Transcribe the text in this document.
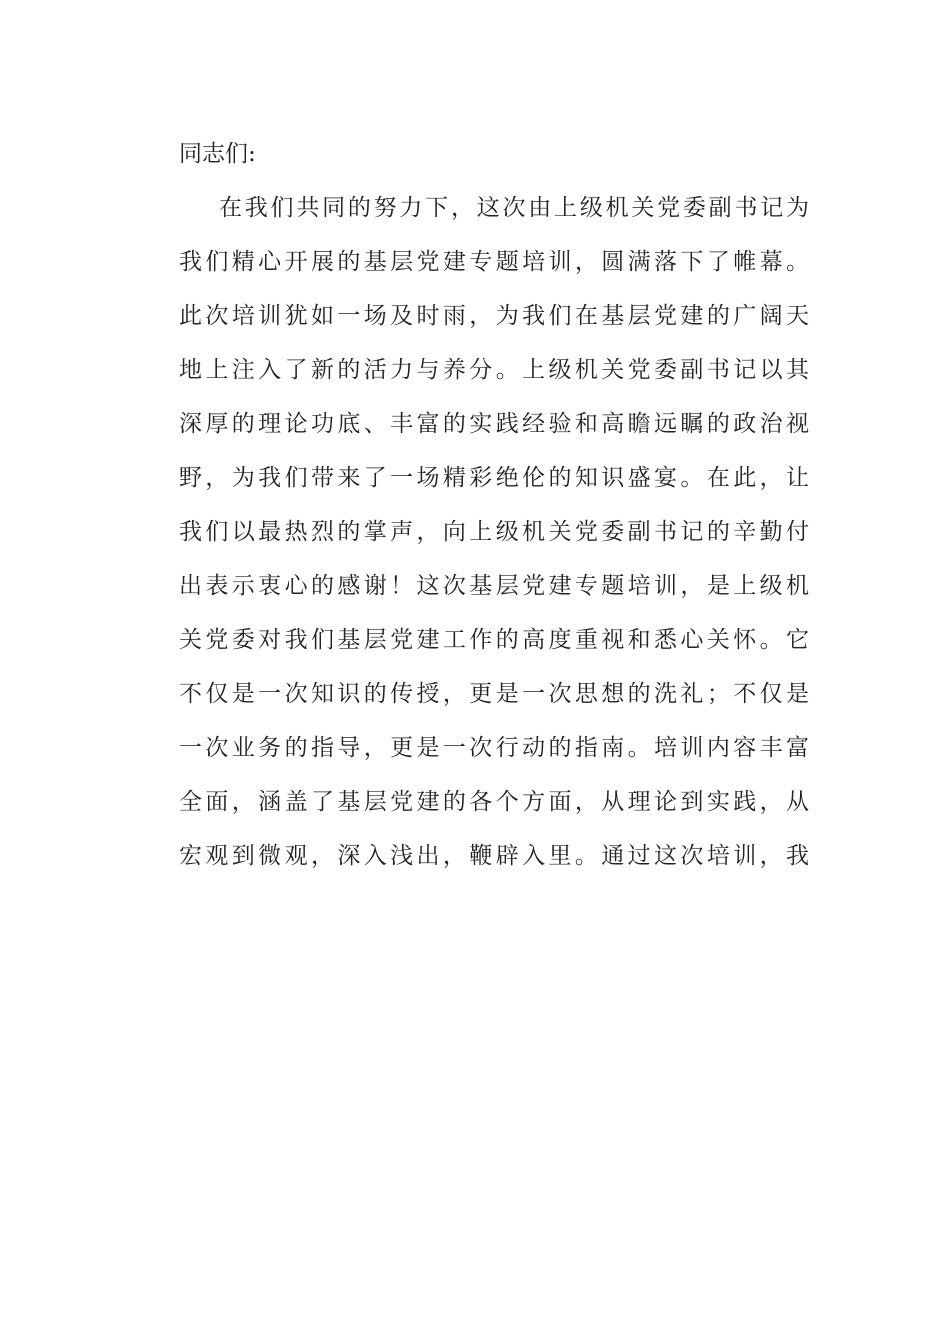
同志们:
在我们共同的努力下，这次由上级机关党委副书记为
我们精心开展的基层党建专题培训，圆满落下了帷幕。
此次培训犹如一场及时雨，为我们在基层党建的广阔天
地上注入了新的活力与养分。上级机关党委副书记以其
深厚的理论功底、丰富的实践经验和高瞻远瞩的政治视
野，为我们带来了一场精彩绝伦的知识盛宴。在此，让
我们以最热烈的掌声，向上级机关党委副书记的辛勤付
出表示衷心的感谢！这次基层党建专题培训，是上级机
关党委对我们基层党建工作的高度重视和悉心关怀。它
不仅是一次知识的传授，更是一次思想的洗礼；不仅是
一次业务的指导，更是一次行动的指南。培训内容丰富
全面，涵盖了基层党建的各个方面，从理论到实践，从
宏观到微观，深入浅出，鞭辟入里。通过这次培训，我
